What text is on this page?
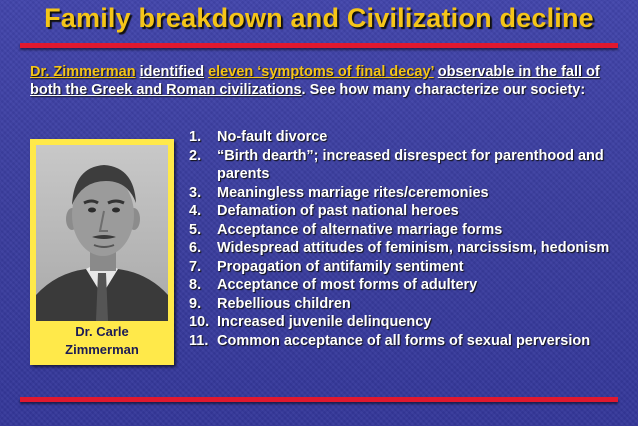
Family breakdown and Civilization decline
Dr. Zimmerman identified eleven ‘symptoms of final decay’ observable in the fall of both the Greek and Roman civilizations. See how many characterize our society:
Dr. Carle
Zimmerman
1.	No-fault divorce
2.	“Birth dearth”; increased disrespect for parenthood and parents
3.	Meaningless marriage rites/ceremonies
4.	Defamation of past national heroes
5.	Acceptance of alternative marriage forms
6.	Widespread attitudes of feminism, narcissism, hedonism
7.	Propagation of antifamily sentiment
8.	Acceptance of most forms of adultery
9.	Rebellious children
10. Increased juvenile delinquency
11. Common acceptance of all forms of sexual perversion
